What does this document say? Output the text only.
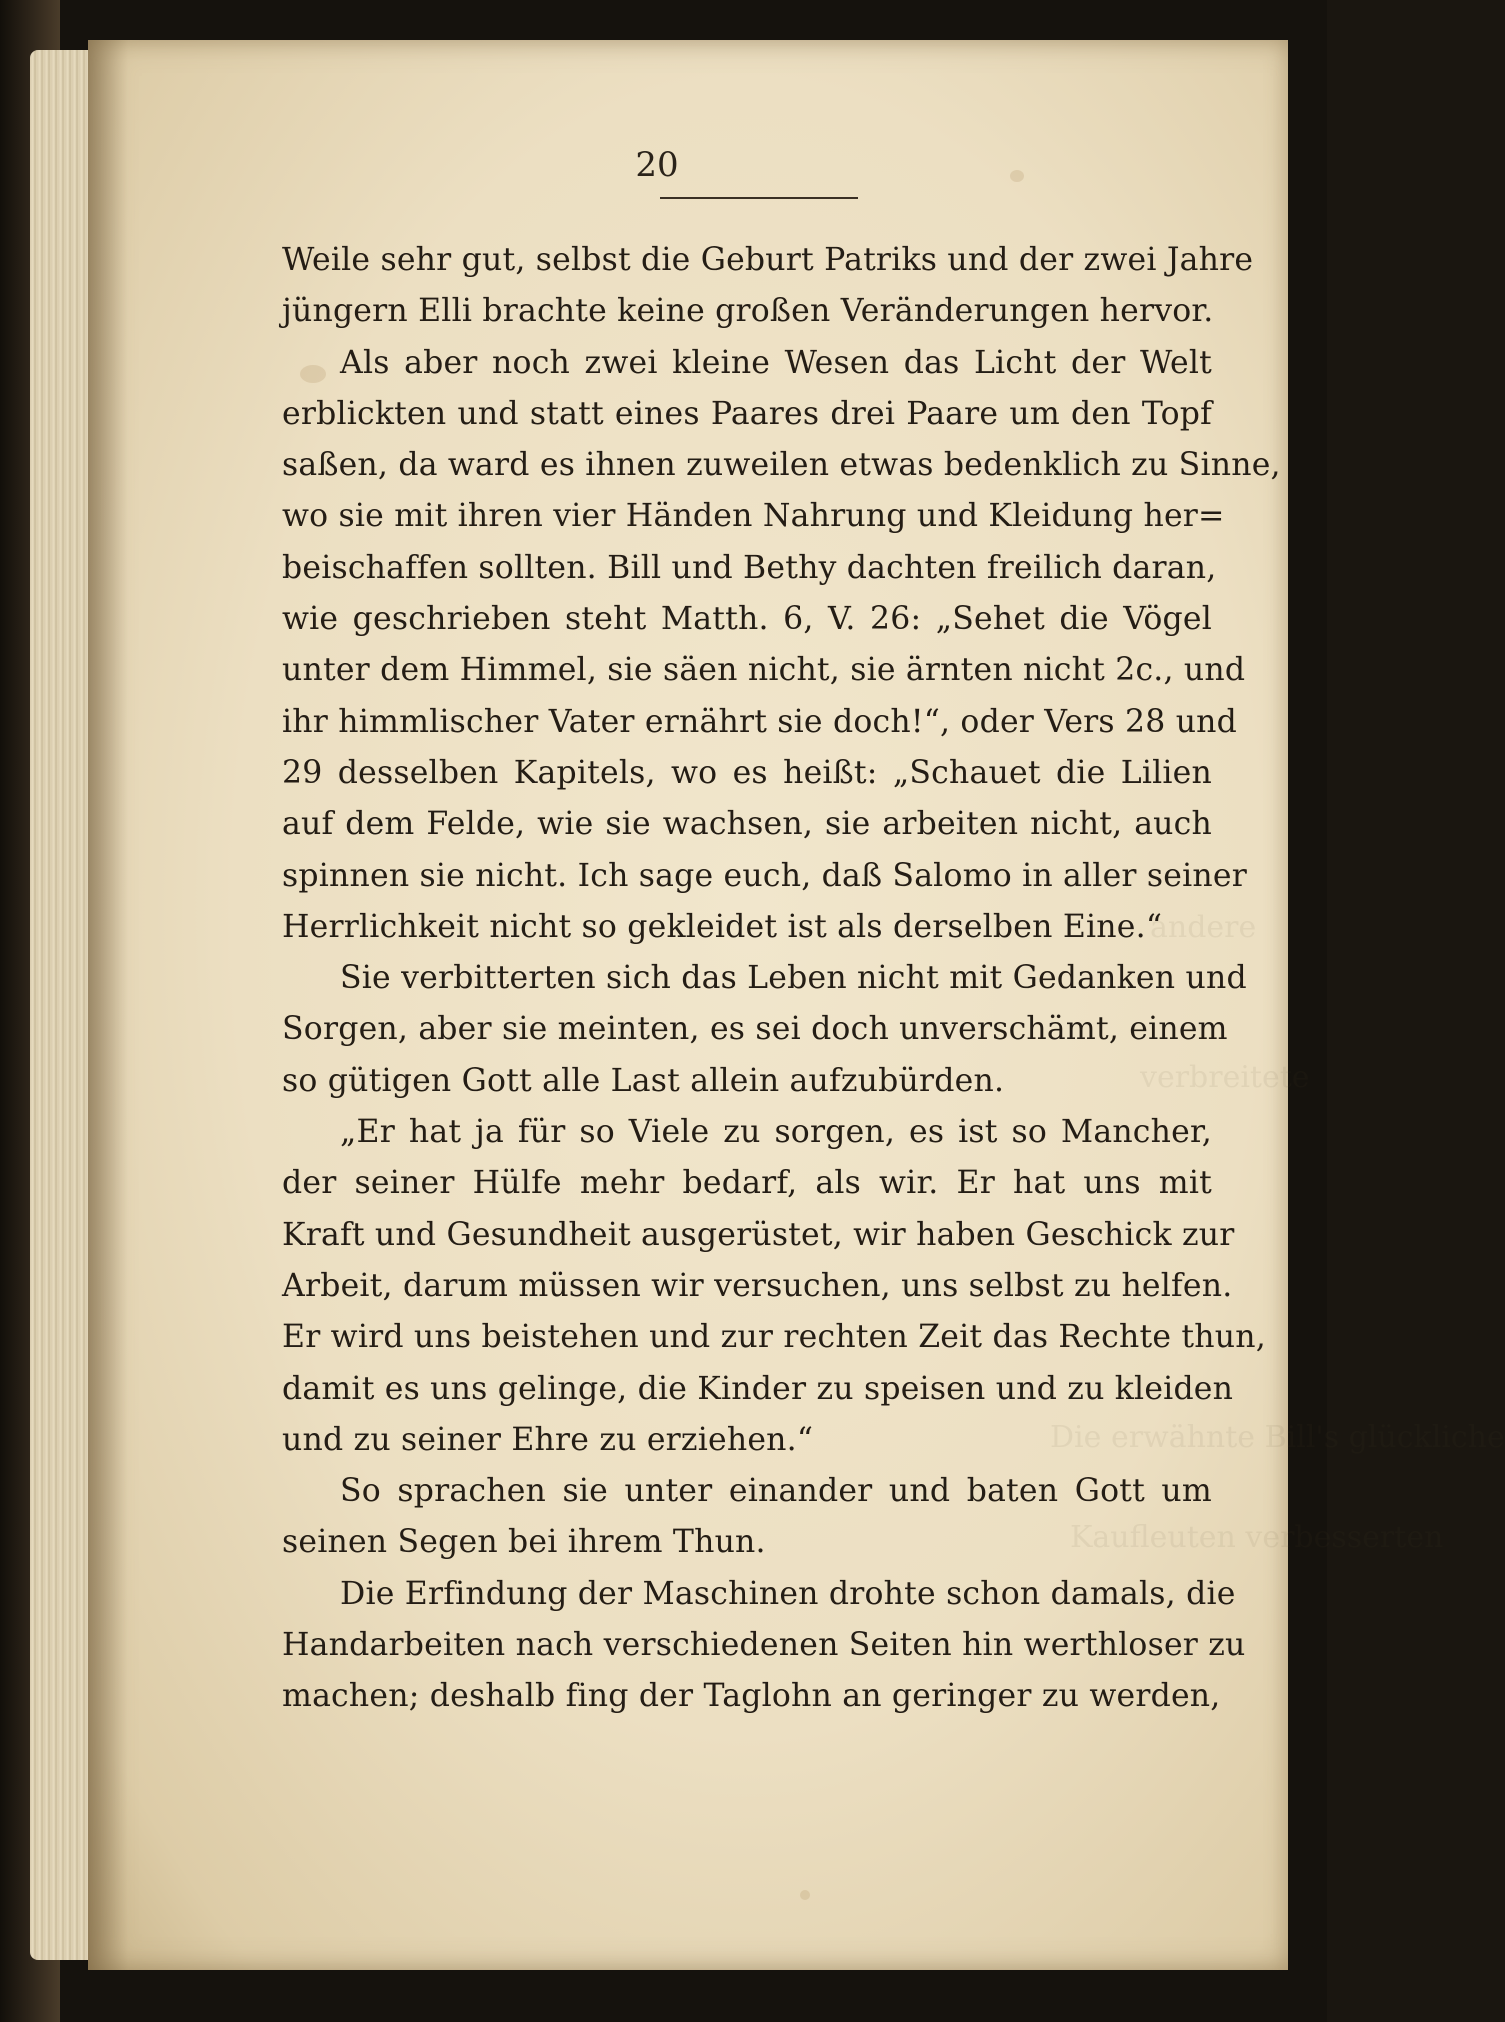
andere
verbreitete
Die erwähnte Bill's glückliche
Kaufleuten verbesserten
20
Weile sehr gut, selbst die Geburt Patriks und der zwei Jahre
jüngern Elli brachte keine großen Veränderungen hervor.
Als aber noch zwei kleine Wesen das Licht der Welt
erblickten und statt eines Paares drei Paare um den Topf
saßen, da ward es ihnen zuweilen etwas bedenklich zu Sinne,
wo sie mit ihren vier Händen Nahrung und Kleidung her=
beischaffen sollten. Bill und Bethy dachten freilich daran,
wie geschrieben steht Matth. 6, V. 26: „Sehet die Vögel
unter dem Himmel, sie säen nicht, sie ärnten nicht 2c., und
ihr himmlischer Vater ernährt sie doch!“, oder Vers 28 und
29 desselben Kapitels, wo es heißt: „Schauet die Lilien
auf dem Felde, wie sie wachsen, sie arbeiten nicht, auch
spinnen sie nicht. Ich sage euch, daß Salomo in aller seiner
Herrlichkeit nicht so gekleidet ist als derselben Eine.“
Sie verbitterten sich das Leben nicht mit Gedanken und
Sorgen, aber sie meinten, es sei doch unverschämt, einem
so gütigen Gott alle Last allein aufzubürden.
„Er hat ja für so Viele zu sorgen, es ist so Mancher,
der seiner Hülfe mehr bedarf, als wir. Er hat uns mit
Kraft und Gesundheit ausgerüstet, wir haben Geschick zur
Arbeit, darum müssen wir versuchen, uns selbst zu helfen.
Er wird uns beistehen und zur rechten Zeit das Rechte thun,
damit es uns gelinge, die Kinder zu speisen und zu kleiden
und zu seiner Ehre zu erziehen.“
So sprachen sie unter einander und baten Gott um
seinen Segen bei ihrem Thun.
Die Erfindung der Maschinen drohte schon damals, die
Handarbeiten nach verschiedenen Seiten hin werthloser zu
machen; deshalb fing der Taglohn an geringer zu werden,
